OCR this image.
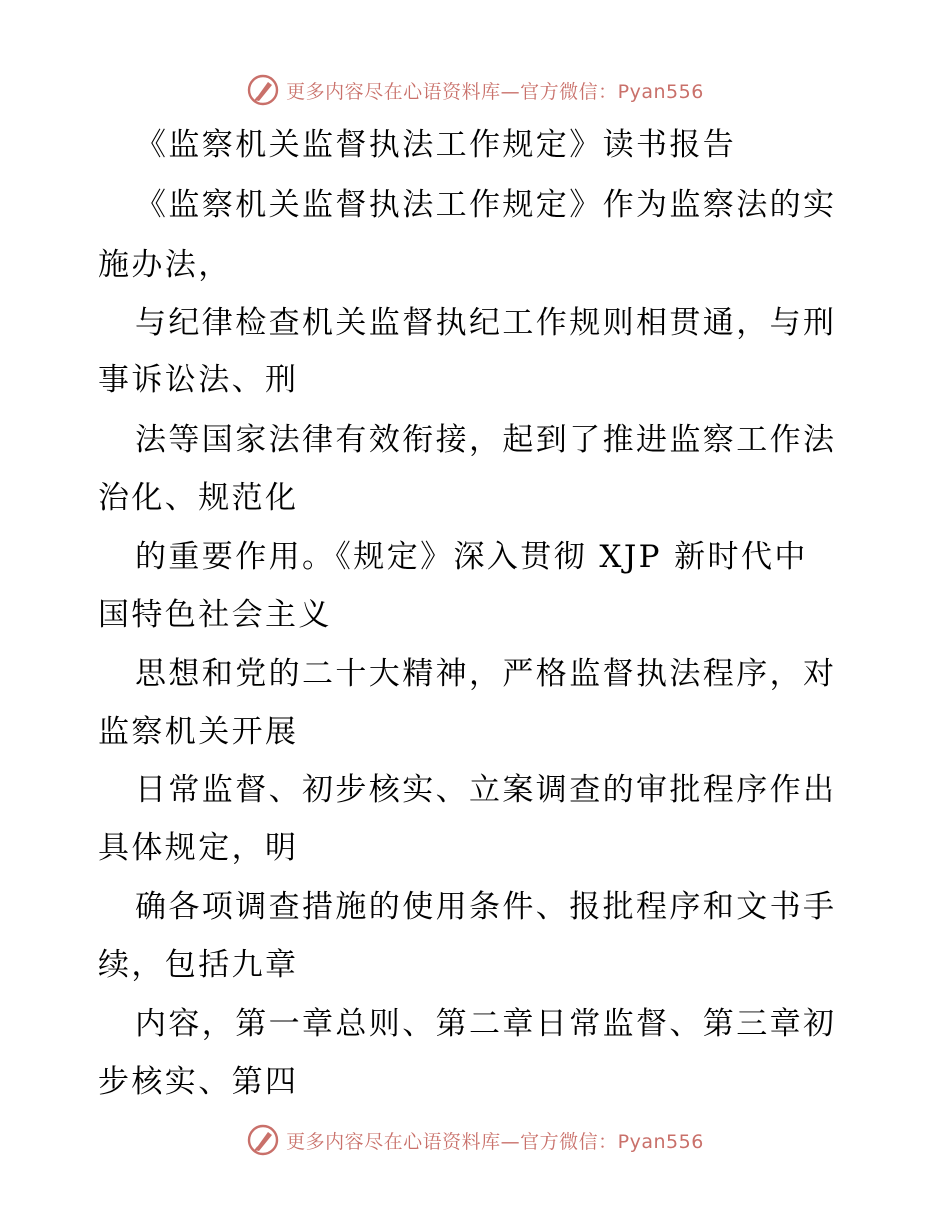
更多内容尽在心语资料库—官方微信：Pyan556
《监察机关监督执法工作规定》读书报告
《监察机关监督执法工作规定》作为监察法的实
施办法，
与纪律检查机关监督执纪工作规则相贯通，与刑
事诉讼法、刑
法等国家法律有效衔接，起到了推进监察工作法
治化、规范化
的重要作用。《规定》深入贯彻 XJP 新时代中
国特色社会主义
思想和党的二十大精神，严格监督执法程序，对
监察机关开展
日常监督、初步核实、立案调查的审批程序作出
具体规定，明
确各项调查措施的使用条件、报批程序和文书手
续，包括九章
内容，第一章总则、第二章日常监督、第三章初
步核实、第四
更多内容尽在心语资料库—官方微信：Pyan556
